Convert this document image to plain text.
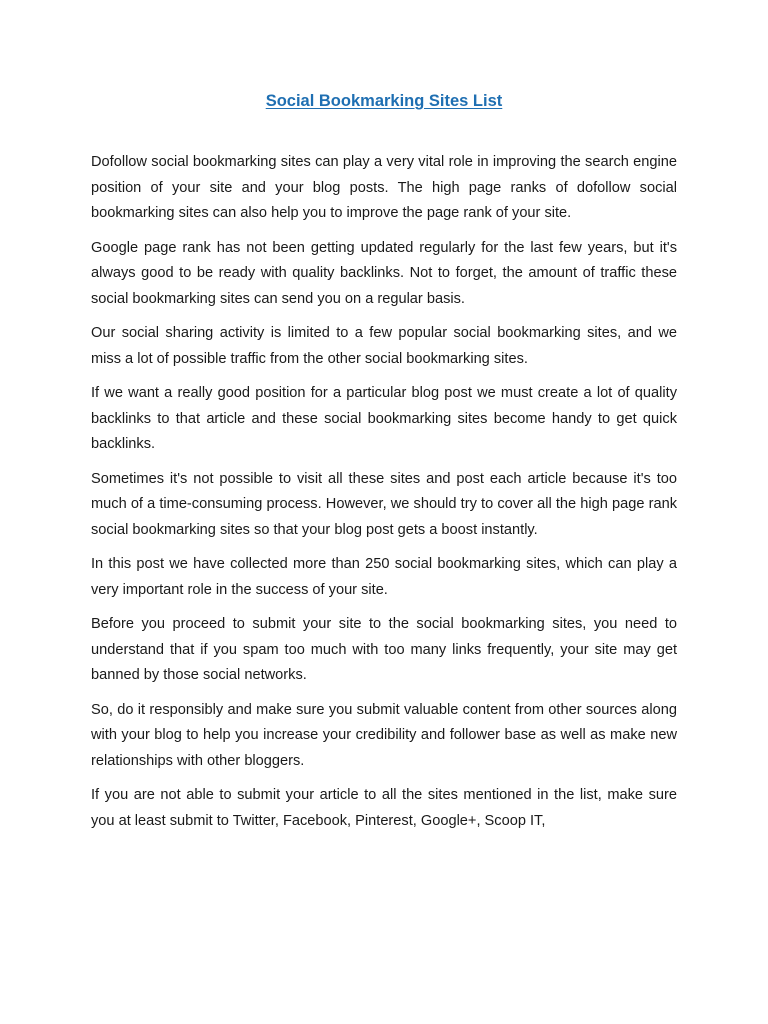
Social Bookmarking Sites List

Dofollow social bookmarking sites can play a very vital role in improving the search engine position of your site and your blog posts. The high page ranks of dofollow social bookmarking sites can also help you to improve the page rank of your site.

Google page rank has not been getting updated regularly for the last few years, but it's always good to be ready with quality backlinks. Not to forget, the amount of traffic these social bookmarking sites can send you on a regular basis.

Our social sharing activity is limited to a few popular social bookmarking sites, and we miss a lot of possible traffic from the other social bookmarking sites.

If we want a really good position for a particular blog post we must create a lot of quality backlinks to that article and these social bookmarking sites become handy to get quick backlinks.

Sometimes it's not possible to visit all these sites and post each article because it's too much of a time-consuming process. However, we should try to cover all the high page rank social bookmarking sites so that your blog post gets a boost instantly.

In this post we have collected more than 250 social bookmarking sites, which can play a very important role in the success of your site.

Before you proceed to submit your site to the social bookmarking sites, you need to understand that if you spam too much with too many links frequently, your site may get banned by those social networks.

So, do it responsibly and make sure you submit valuable content from other sources along with your blog to help you increase your credibility and follower base as well as make new relationships with other bloggers.

If you are not able to submit your article to all the sites mentioned in the list, make sure you at least submit to Twitter, Facebook, Pinterest, Google+, Scoop IT,
